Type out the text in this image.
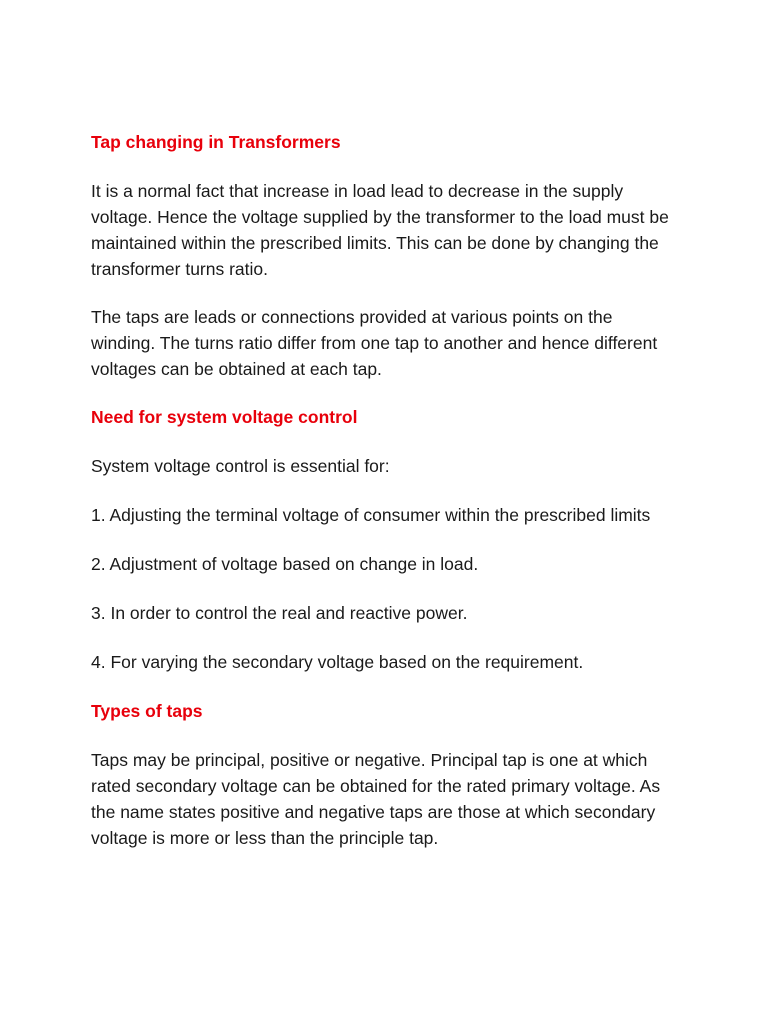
Tap changing in Transformers

It is a normal fact that increase in load lead to decrease in the supply voltage. Hence the voltage supplied by the transformer to the load must be maintained within the prescribed limits. This can be done by changing the transformer turns ratio.

The taps are leads or connections provided at various points on the winding. The turns ratio differ from one tap to another and hence different voltages can be obtained at each tap.

Need for system voltage control

System voltage control is essential for:

1. Adjusting the terminal voltage of consumer within the prescribed limits

2. Adjustment of voltage based on change in load.

3. In order to control the real and reactive power.

4. For varying the secondary voltage based on the requirement.

Types of taps

Taps may be principal, positive or negative. Principal tap is one at which rated secondary voltage can be obtained for the rated primary voltage. As the name states positive and negative taps are those at which secondary voltage is more or less than the principle tap.
